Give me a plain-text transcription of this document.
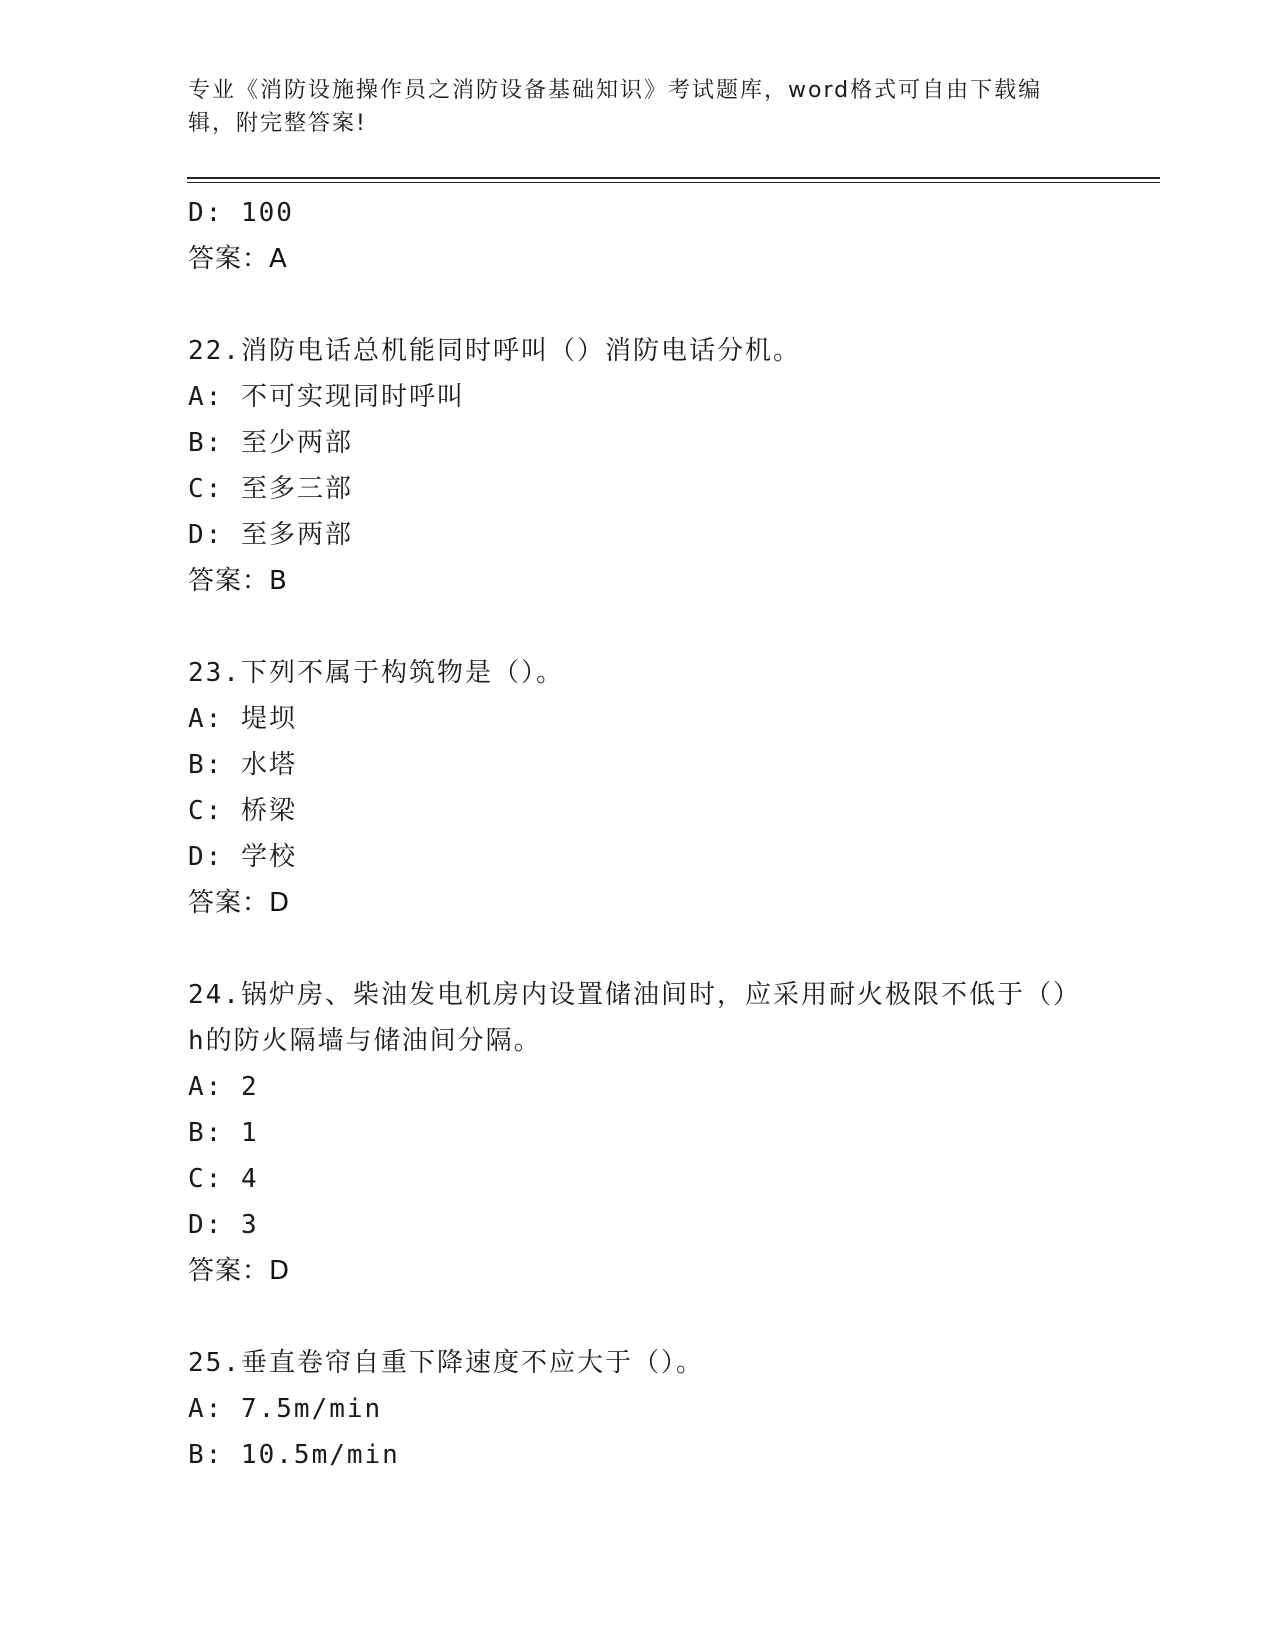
专业《消防设施操作员之消防设备基础知识》考试题库，word格式可自由下载编辑，附完整答案!
D: 100
答案：A
22.消防电话总机能同时呼叫（）消防电话分机。
A: 不可实现同时呼叫
B: 至少两部
C: 至多三部
D: 至多两部
答案：B
23.下列不属于构筑物是（）。
A: 堤坝
B: 水塔
C: 桥梁
D: 学校
答案：D
24.锅炉房、柴油发电机房内设置储油间时，应采用耐火极限不低于（）h的防火隔墙与储油间分隔。
A: 2
B: 1
C: 4
D: 3
答案：D
25.垂直卷帘自重下降速度不应大于（）。
A: 7.5m/min
B: 10.5m/min
